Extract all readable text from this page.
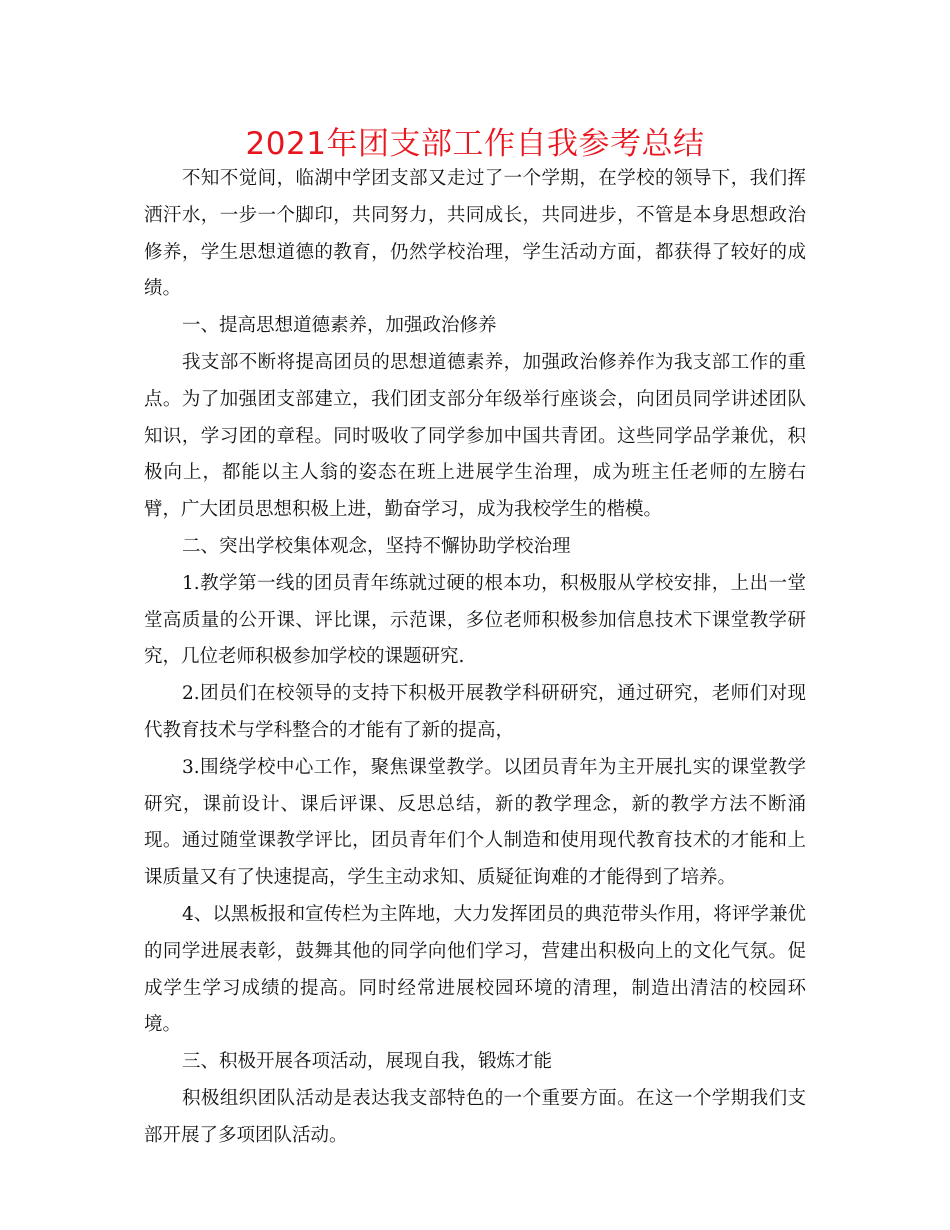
2021年团支部工作自我参考总结

不知不觉间，临湖中学团支部又走过了一个学期，在学校的领导下，我们挥洒汗水，一步一个脚印，共同努力，共同成长，共同进步，不管是本身思想政治修养，学生思想道德的教育，仍然学校治理，学生活动方面，都获得了较好的成绩。

一、提高思想道德素养，加强政治修养

我支部不断将提高团员的思想道德素养，加强政治修养作为我支部工作的重点。为了加强团支部建立，我们团支部分年级举行座谈会，向团员同学讲述团队知识，学习团的章程。同时吸收了同学参加中国共青团。这些同学品学兼优，积极向上，都能以主人翁的姿态在班上进展学生治理，成为班主任老师的左膀右臂，广大团员思想积极上进，勤奋学习，成为我校学生的楷模。

二、突出学校集体观念，坚持不懈协助学校治理

1.教学第一线的团员青年练就过硬的根本功，积极服从学校安排，上出一堂堂高质量的公开课、评比课，示范课，多位老师积极参加信息技术下课堂教学研究，几位老师积极参加学校的课题研究.

2.团员们在校领导的支持下积极开展教学科研研究，通过研究，老师们对现代教育技术与学科整合的才能有了新的提高，

3.围绕学校中心工作，聚焦课堂教学。以团员青年为主开展扎实的课堂教学研究，课前设计、课后评课、反思总结，新的教学理念，新的教学方法不断涌现。通过随堂课教学评比，团员青年们个人制造和使用现代教育技术的才能和上课质量又有了快速提高，学生主动求知、质疑征询难的才能得到了培养。

4、以黑板报和宣传栏为主阵地，大力发挥团员的典范带头作用，将评学兼优的同学进展表彰，鼓舞其他的同学向他们学习，营建出积极向上的文化气氛。促成学生学习成绩的提高。同时经常进展校园环境的清理，制造出清洁的校园环境。

三、积极开展各项活动，展现自我，锻炼才能

积极组织团队活动是表达我支部特色的一个重要方面。在这一个学期我们支部开展了多项团队活动。
